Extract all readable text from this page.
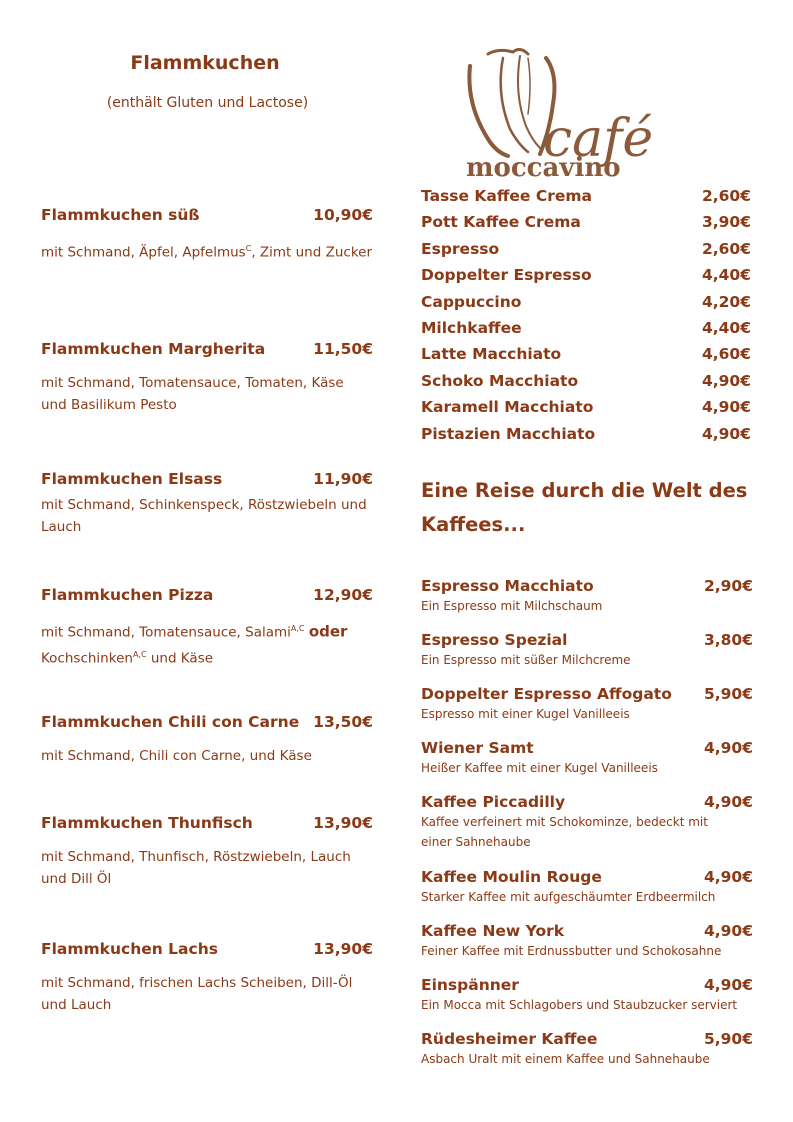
Flammkuchen
(enthält Gluten und Lactose)
Flammkuchen süß	10,90€
mit Schmand, Äpfel, Apfelmus$^C$, Zimt und Zucker
Flammkuchen Margherita	11,50€
mit Schmand, Tomatensauce, Tomaten, Käse und Basilikum Pesto
Flammkuchen Elsass	11,90€
mit Schmand, Schinkenspeck, Röstzwiebeln und Lauch
Flammkuchen Pizza	12,90€
mit Schmand, Tomatensauce, Salami$^{A,C}$ oder
Kochschinken$^{A,C}$ und Käse
Flammkuchen Chili con Carne 13,50€
mit Schmand, Chili con Carne, und Käse
Flammkuchen Thunfisch	13,90€
mit Schmand, Thunfisch, Röstzwiebeln, Lauch und Dill Öl
Flammkuchen Lachs	13,90€
mit Schmand, frischen Lachs Scheiben, Dill-Öl und Lauch
café
moccavino
Tasse Kaffee Crema	2,60€
Pott Kaffee Crema	3,90€
Espresso	2,60€
Doppelter Espresso	4,40€
Cappuccino	4,20€
Milchkaffee	4,40€
Latte Macchiato	4,60€
Schoko Macchiato	4,90€
Karamell Macchiato	4,90€
Pistazien Macchiato	4,90€
Eine Reise durch die Welt des Kaffees...
Espresso Macchiato	2,90€
Ein Espresso mit Milchschaum
Espresso Spezial	3,80€
Ein Espresso mit süßer Milchcreme
Doppelter Espresso Affogato 5,90€
Espresso mit einer Kugel Vanilleeis
Wiener Samt	4,90€
Heißer Kaffee mit einer Kugel Vanilleeis
Kaffee Piccadilly	4,90€
Kaffee verfeinert mit Schokominze, bedeckt mit einer Sahnehaube
Kaffee Moulin Rouge	4,90€
Starker Kaffee mit aufgeschäumter Erdbeermilch
Kaffee New York	4,90€
Feiner Kaffee mit Erdnussbutter und Schokosahne
Einspänner	4,90€
Ein Mocca mit Schlagobers und Staubzucker serviert
Rüdesheimer Kaffee	5,90€
Asbach Uralt mit einem Kaffee und Sahnehaube
